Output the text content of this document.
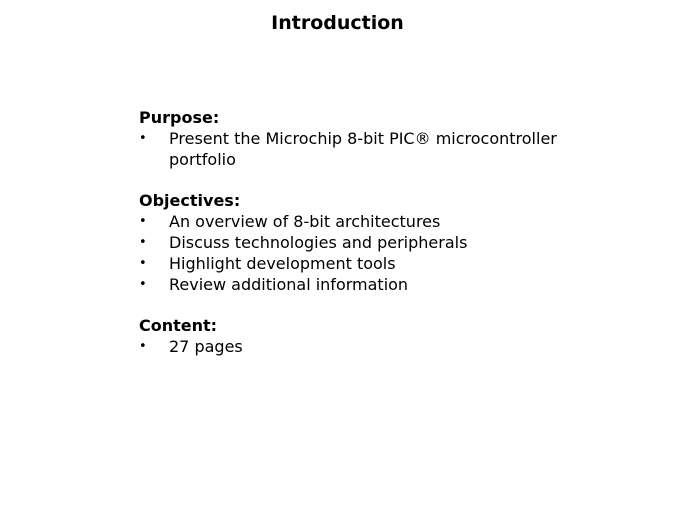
Introduction
Purpose:
• Present the Microchip 8-bit PIC® microcontroller portfolio
Objectives:
• An overview of 8-bit architectures
• Discuss technologies and peripherals
• Highlight development tools
• Review additional information
Content:
• 27 pages
